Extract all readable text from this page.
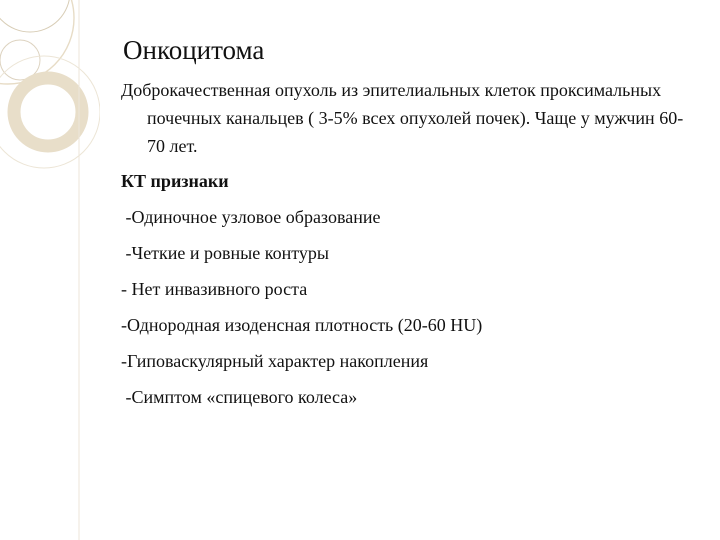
Онкоцитома
Доброкачественная опухоль из эпителиальных клеток проксимальных почечных канальцев ( 3-5% всех опухолей почек). Чаще у мужчин 60-70 лет.
КТ признаки
-Одиночное узловое образование
-Четкие и ровные контуры
- Нет инвазивного роста
-Однородная изоденсная плотность (20-60 HU)
-Гиповаскулярный характер накопления
-Симптом «спицевого колеса»
